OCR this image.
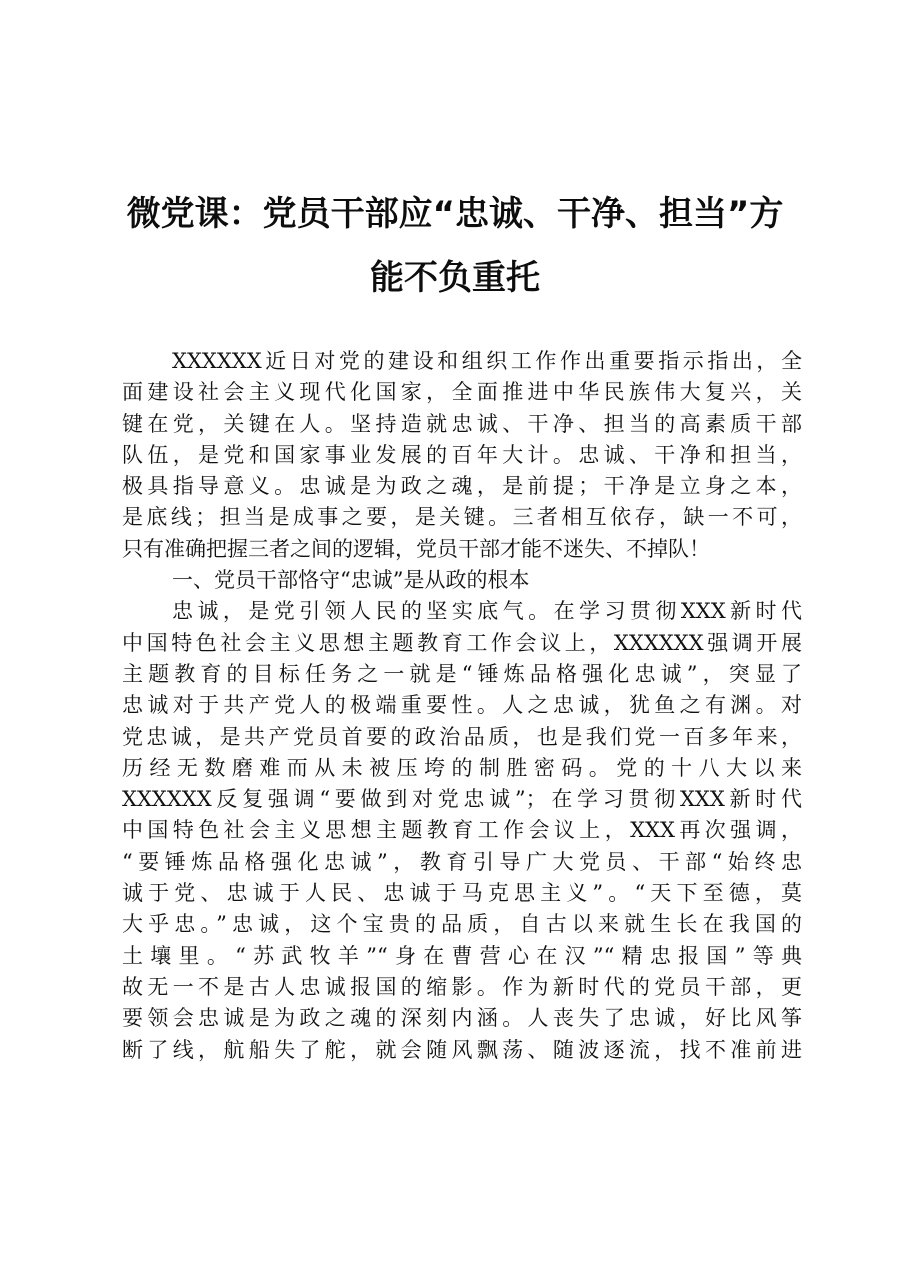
微党课：党员干部应“忠诚、干净、担当”方
能不负重托
XXXXXX近日对党的建设和组织工作作出重要指示指出，全
面建设社会主义现代化国家，全面推进中华民族伟大复兴，关
键在党，关键在人。坚持造就忠诚、干净、担当的高素质干部
队伍，是党和国家事业发展的百年大计。忠诚、干净和担当，
极具指导意义。忠诚是为政之魂，是前提；干净是立身之本，
是底线；担当是成事之要，是关键。三者相互依存，缺一不可，
只有准确把握三者之间的逻辑，党员干部才能不迷失、不掉队！
一、党员干部恪守“忠诚”是从政的根本
忠诚，是党引领人民的坚实底气。在学习贯彻XXX新时代
中国特色社会主义思想主题教育工作会议上，XXXXXX强调开展
主题教育的目标任务之一就是“锤炼品格强化忠诚”，突显了
忠诚对于共产党人的极端重要性。人之忠诚，犹鱼之有渊。对
党忠诚，是共产党员首要的政治品质，也是我们党一百多年来，
历经无数磨难而从未被压垮的制胜密码。党的十八大以来
XXXXXX反复强调“要做到对党忠诚”；在学习贯彻XXX新时代
中国特色社会主义思想主题教育工作会议上，XXX再次强调，
“要锤炼品格强化忠诚”，教育引导广大党员、干部“始终忠
诚于党、忠诚于人民、忠诚于马克思主义”。“天下至德，莫
大乎忠。”忠诚，这个宝贵的品质，自古以来就生长在我国的
土壤里。“苏武牧羊”“身在曹营心在汉”“精忠报国”等典
故无一不是古人忠诚报国的缩影。作为新时代的党员干部，更
要领会忠诚是为政之魂的深刻内涵。人丧失了忠诚，好比风筝
断了线，航船失了舵，就会随风飘荡、随波逐流，找不准前进
